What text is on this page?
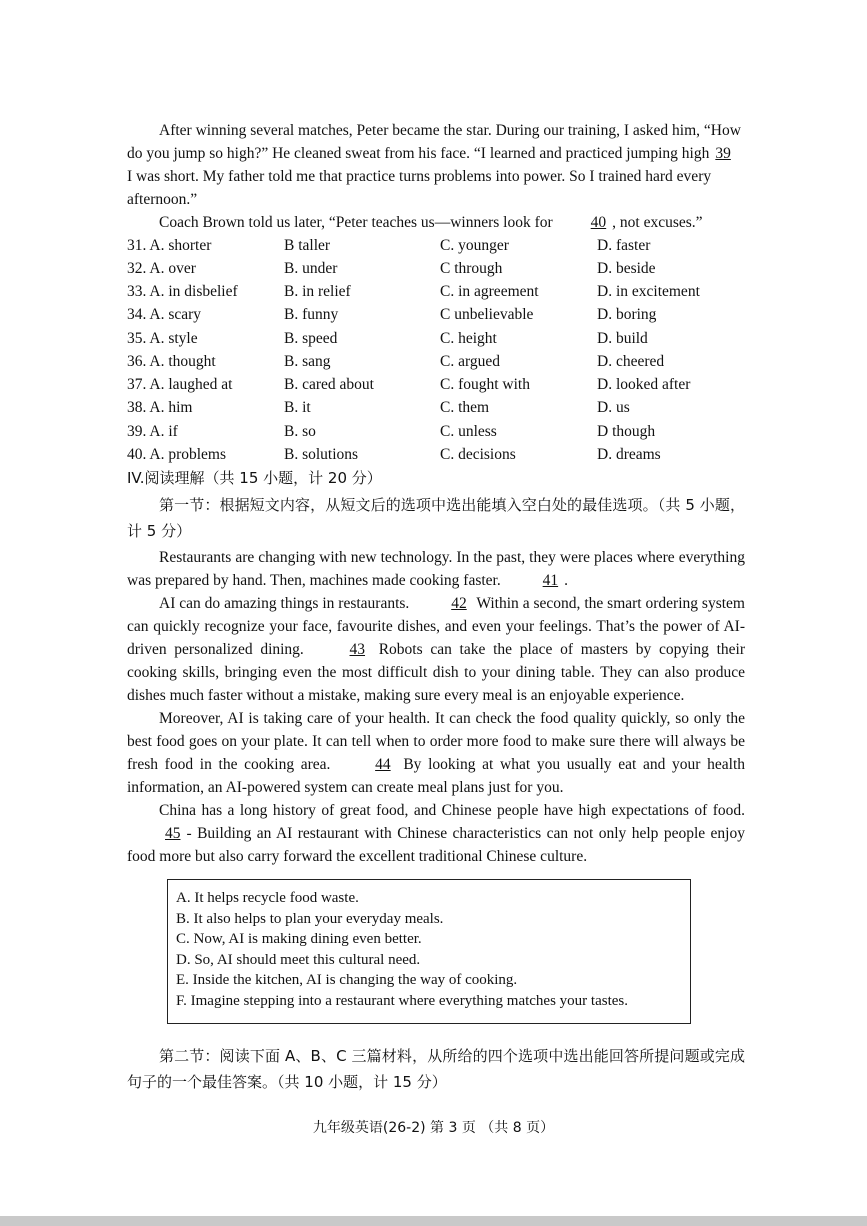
After winning several matches, Peter became the star. During our training, I asked him, “How
do you jump so high?” He cleaned sweat from his face. “I learned and practiced jumping high 39
I was short. My father told me that practice turns problems into power. So I trained hard every
afternoon.”
Coach Brown told us later, “Peter teaches us—winners look for 40 , not excuses.”
31. A. shorter	B taller	C. younger	D. faster
32. A. over	B. under	C through	D. beside
33. A. in disbelief	B. in relief	C. in agreement	D. in excitement
34. A. scary	B. funny	C unbelievable	D. boring
35. A. style	B. speed	C. height	D. build
36. A. thought	B. sang	C. argued	D. cheered
37. A. laughed at	B. cared about	C. fought with	D. looked after
38. A. him	B. it	C. them	D. us
39. A. if	B. so	C. unless	D though
40. A. problems	B. solutions	C. decisions	D. dreams
IV.阅读理解（共 15 小题，计 20 分）
第一节：根据短文内容，从短文后的选项中选出能填入空白处的最佳选项。（共 5 小题，计 5 分）
Restaurants are changing with new technology. In the past, they were places where everything was prepared by hand. Then, machines made cooking faster.	41 .
AI can do amazing things in restaurants.	42 Within a second, the smart ordering system can quickly recognize your face, favourite dishes, and even your feelings. That’s the power of AI-driven personalized dining.	43 Robots can take the place of masters by copying their cooking skills, bringing even the most difficult dish to your dining table. They can also produce dishes much faster without a mistake, making sure every meal is an enjoyable experience.
Moreover, AI is taking care of your health. It can check the food quality quickly, so only the best food goes on your plate. It can tell when to order more food to make sure there will always be fresh food in the cooking area.	44 By looking at what you usually eat and your health information, an AI-powered system can create meal plans just for you.
China has a long history of great food, and Chinese people have high expectations of food. 45 - Building an AI restaurant with Chinese characteristics can not only help people enjoy food more but also carry forward the excellent traditional Chinese culture.
A. It helps recycle food waste.
B. It also helps to plan your everyday meals.
C. Now, AI is making dining even better.
D. So, AI should meet this cultural need.
E. Inside the kitchen, AI is changing the way of cooking.
F. Imagine stepping into a restaurant where everything matches your tastes.
第二节：阅读下面 A、B、C 三篇材料，从所给的四个选项中选出能回答所提问题或完成句子的一个最佳答案。（共 10 小题，计 15 分）
九年级英语(26-2) 第 3 页 （共 8 页）
